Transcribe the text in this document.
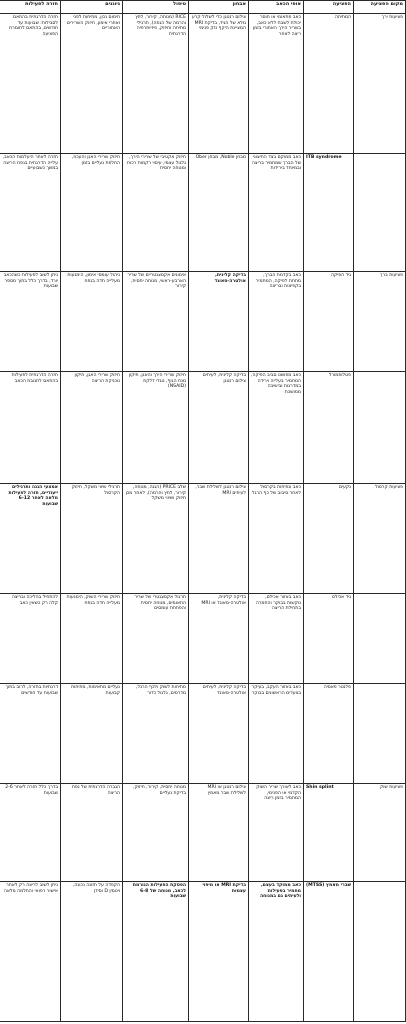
מקום הפציעה	הפציעה	אופי הכאב	אבחון	טיפול	גיוגנים	חזרה לפעילות
פציעות ירך	המתיחה	כאב פתאומי או חוסר יכולת לשבת ללא כאב, בשריר הירך האחורי בזמן ריצה לאחר	צילום רנטגן כדי לשלול קרע מלא של הגיד, בדיקת MRI המציינת היקף נזק פנימי	RICE (מנוחה, קירור, לחץ והרמה של הגפה), תרגילי מתיחה וחיזוק, פיזיותרפיה הדרגתית	חימום נכון, מתיחות לפני ואחרי אימון, חיזוק השרירים האחוריים	חזרה הדרגתית בהתאם לסבילות: שבועות עד חודשים, בהתאם לחומרת הפציעה
	ITB syndrome	כאב ממוקם בצד החיצוני של הברך שמחמיר בריצה ובמיוחד בירידות	מבחן Noble, מבחן Ober	חיזוק אקטיבי של שרירי הירך, גלגול עצמי, עיסוי רקמות רכות ומנוחה יחסית	חיזוק שרירי האגן והעכוז, החלפת נעליים בזמן	חזרה לאחר היעלמות הכאב, עלייה הדרגתית בנפח הריצה במשך כשבועיים
פציעות ברך	גיד הפיקה	כאב בקדמת הברך, מתחת לפיקה, המחמיר בקפיצות ובריצה	בדיקה קלינית, אולטרה-סאונד	אימונים אקסצנטריים של שריר הארבע-ראשי, מנוחה יחסית, קירור	ניהול עומסי אימון, הימנעות מעלייה חדה בנפח	ניתן לשוב לפעילות כשהכאב יורד, בדרך כלל בתוך מספר שבועות
	פטלופמורל	כאב מפושט סביב הפיקה, המחמיר בעלייה וירידה במדרגות ובישיבה ממושכת	בדיקה קלינית, לעיתים צילום רנטגן	חיזוק שרירי הירך והאגן, תיקון מנח הגוף, נוגדי דלקת (NSAID)	חיזוק שרירי האגן, תיקון טכניקת הריצה	חזרה הדרגתית לפעילות בהתאם לתגובת הכאב
פציעות קרסול	נקעים	כאב ונפיחות בקרסול לאחר סיבוב של כף הרגל	צילום רנטגן לשלילת שבר, לעיתים MRI	שלב PRICE (הגנה, מנוחה, קירור, לחץ והרמה), לאחר מכן חיזוק ושיווי משקל	תרגילי שיווי משקל, חיזוק הקרסול	אמצעי הגנה ותרגילים ייעודיים, חזרה לפעילות מלאה לאחר 6-12 שבועות
	גיד אכילס	כאב באזור אכילס, נוקשות בבוקר והחמרה בתחילת הריצה	בדיקה קלינית, אולטרה-סאונד או MRI	תרגול אקסצנטרי של שריר התאומים, מנוחה יחסית והפחתת עומסים	חיזוק שרירי השוק, הימנעות מעלייה חדה בנפח	להתחיל בהליכה ובריצה קלה רק כשאין כאב
	פלנטר פאסיה	כאב באזור העקב, בעיקר בצעדים הראשונים בבוקר	בדיקה קלינית, לעיתים אולטרה-סאונד	מתיחות לשוק ולכף הרגל, מדרסים, גלגול כדור	נעליים מתאימות, מתיחות קבועות	דרגתיות בחזרה, לרוב בתוך שבועות עד חודשים
פציעות שוק	Shin splint	כאב לאורך שריר השוק הקדמי או הפנימי, המחמיר בזמן ריצה	צילום רנטגן או MRI לשלילת שבר מאמץ	מנוחה יחסית, קירור, חיזוק, בדיקת נעליים	הגברה הדרגתית של נפח הריצה	בדרך כלל חזרה לאחר 2-6 שבועות
	שברי מאמץ (MTSS)	כאב ממוקד בעצם, מחמיר בפעילות ולעיתים גם במנוחה	בדיקת MRI או מיפוי עצמות	הפסקת הפעילות הגורמת לכאב, מנוחה של 6-8 שבועות	הקפדה על תזונה נכונה, ויטמין D וסידן	ניתן לשוב לריצה רק לאחר אישור רפואי והחלמה מלאה
